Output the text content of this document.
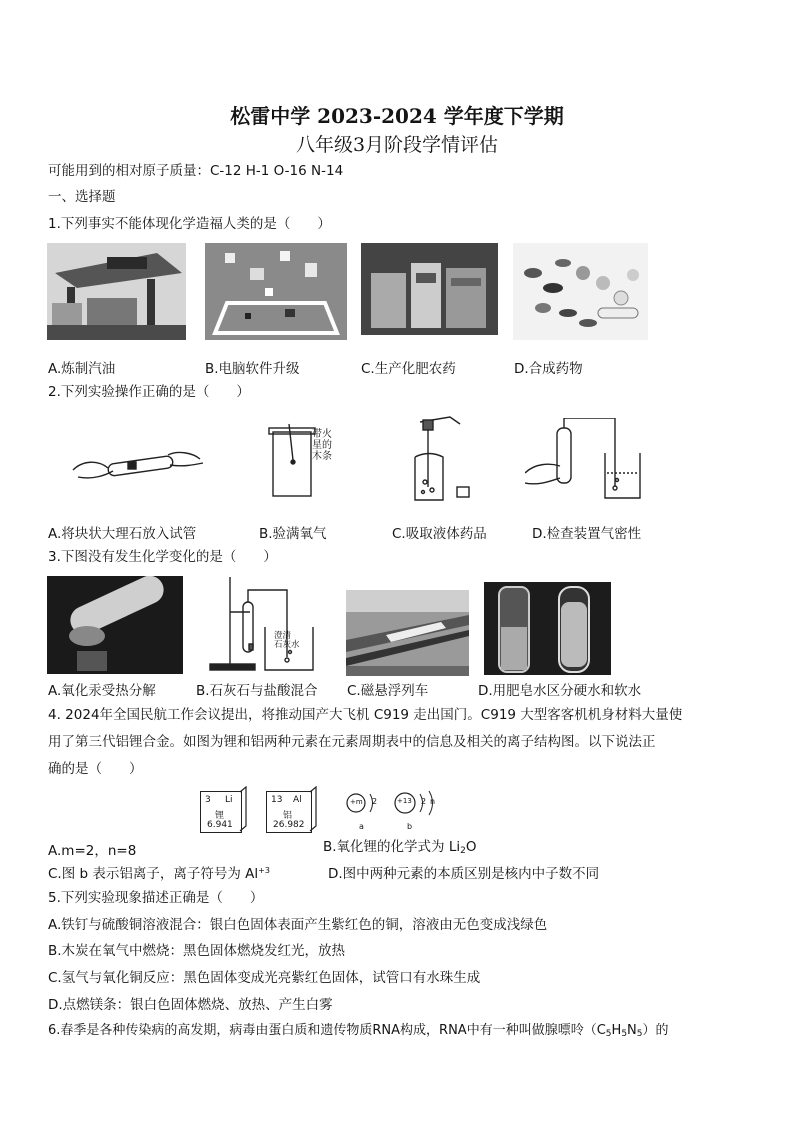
松雷中学 2023-2024 学年度下学期
八年级3月阶段学情评估
可能用到的相对原子质量：C-12 H-1 O-16 N-14
一、选择题
1.下列事实不能体现化学造福人类的是（　　）
A.炼制汽油	B.电脑软件升级	C.生产化肥农药	D.合成药物
2.下列实验操作正确的是（　　）
带火
星的
木条
A.将块状大理石放入试管	B.验满氧气	C.吸取液体药品	D.检查装置气密性
3.下图没有发生化学变化的是（　　）
澄清
石灰水
A.氧化汞受热分解	B.石灰石与盐酸混合 C.磁悬浮列车	D.用肥皂水区分硬水和软水
4. 2024年全国民航工作会议提出，将推动国产大飞机 C919 走出国门。C919 大型客客机机身材料大量使
用了第三代铝锂合金。如图为锂和铝两种元素在元素周期表中的信息及相关的离子结构图。以下说法正
确的是（　　）
3 Li
锂
6.941
13 Al
铝
26.982
+m 2
a
+13 2 n
b
A.m=2，n=8	B.氧化锂的化学式为 $Li_2O$
C.图 b 表示铝离子，离子符号为 $Al^{+3}$	D.图中两种元素的本质区别是核内中子数不同
5.下列实验现象描述正确是（　　）
A.铁钉与硫酸铜溶液混合：银白色固体表面产生紫红色的铜，溶液由无色变成浅绿色
B.木炭在氧气中燃烧：黑色固体燃烧发红光，放热
C.氢气与氧化铜反应：黑色固体变成光亮紫红色固体，试管口有水珠生成
D.点燃镁条：银白色固体燃烧、放热、产生白雾
6.春季是各种传染病的高发期，病毒由蛋白质和遗传物质RNA构成，RNA中有一种叫做腺嘌呤$(C_5H_5N_5)$的
